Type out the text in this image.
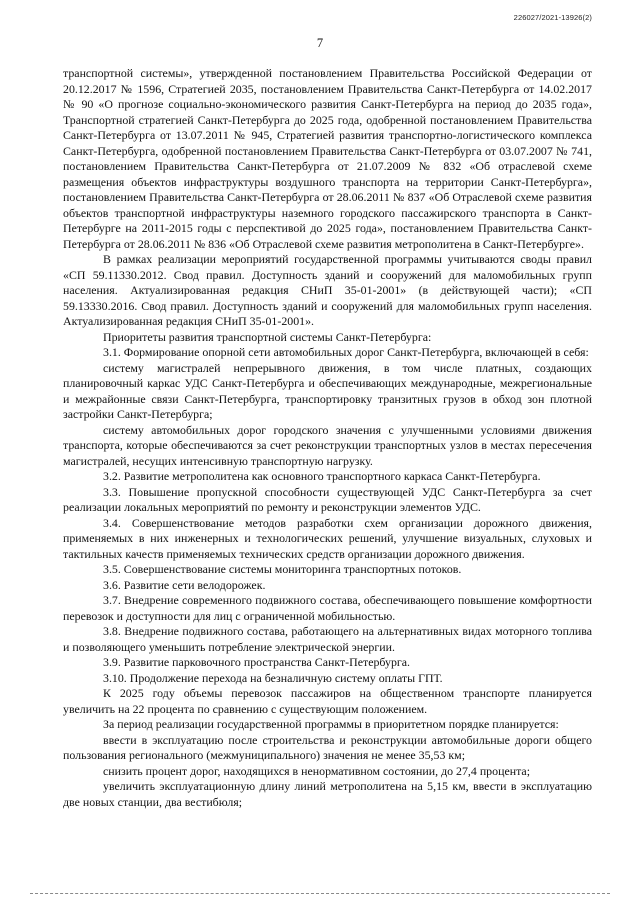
226027/2021-13926(2)
7

транспортной системы», утвержденной постановлением Правительства Российской Федерации от 20.12.2017 № 1596, Стратегией 2035, постановлением Правительства Санкт-Петербурга от 14.02.2017 № 90 «О прогнозе социально-экономического развития Санкт-Петербурга на период до 2035 года», Транспортной стратегией Санкт-Петербурга до 2025 года, одобренной постановлением Правительства Санкт-Петербурга от 13.07.2011 № 945, Стратегией развития транспортно-логистического комплекса Санкт-Петербурга, одобренной постановлением Правительства Санкт-Петербурга от 03.07.2007 № 741, постановлением Правительства Санкт-Петербурга от 21.07.2009 № 832 «Об отраслевой схеме размещения объектов инфраструктуры воздушного транспорта на территории Санкт-Петербурга», постановлением Правительства Санкт-Петербурга от 28.06.2011 № 837 «Об Отраслевой схеме развития объектов транспортной инфраструктуры наземного городского пассажирского транспорта в Санкт-Петербурге на 2011-2015 годы с перспективой до 2025 года», постановлением Правительства Санкт-Петербурга от 28.06.2011 № 836 «Об Отраслевой схеме развития метрополитена в Санкт-Петербурге».

В рамках реализации мероприятий государственной программы учитываются своды правил «СП 59.11330.2012. Свод правил. Доступность зданий и сооружений для маломобильных групп населения. Актуализированная редакция СНиП 35-01-2001» (в действующей части); «СП 59.13330.2016. Свод правил. Доступность зданий и сооружений для маломобильных групп населения. Актуализированная редакция СНиП 35-01-2001».

Приоритеты развития транспортной системы Санкт-Петербурга:

3.1. Формирование опорной сети автомобильных дорог Санкт-Петербурга, включающей в себя:

систему магистралей непрерывного движения, в том числе платных, создающих планировочный каркас УДС Санкт-Петербурга и обеспечивающих международные, межрегиональные и межрайонные связи Санкт-Петербурга, транспортировку транзитных грузов в обход зон плотной застройки Санкт-Петербурга;

систему автомобильных дорог городского значения с улучшенными условиями движения транспорта, которые обеспечиваются за счет реконструкции транспортных узлов в местах пересечения магистралей, несущих интенсивную транспортную нагрузку.

3.2. Развитие метрополитена как основного транспортного каркаса Санкт-Петербурга.

3.3. Повышение пропускной способности существующей УДС Санкт-Петербурга за счет реализации локальных мероприятий по ремонту и реконструкции элементов УДС.

3.4. Совершенствование методов разработки схем организации дорожного движения, применяемых в них инженерных и технологических решений, улучшение визуальных, слуховых и тактильных качеств применяемых технических средств организации дорожного движения.

3.5. Совершенствование системы мониторинга транспортных потоков.

3.6. Развитие сети велодорожек.

3.7. Внедрение современного подвижного состава, обеспечивающего повышение комфортности перевозок и доступности для лиц с ограниченной мобильностью.

3.8. Внедрение подвижного состава, работающего на альтернативных видах моторного топлива и позволяющего уменьшить потребление электрической энергии.

3.9. Развитие парковочного пространства Санкт-Петербурга.

3.10. Продолжение перехода на безналичную систему оплаты ГПТ.

К 2025 году объемы перевозок пассажиров на общественном транспорте планируется увеличить на 22 процента по сравнению с существующим положением.

За период реализации государственной программы в приоритетном порядке планируется:

ввести в эксплуатацию после строительства и реконструкции автомобильные дороги общего пользования регионального (межмуниципального) значения не менее 35,53 км;

снизить процент дорог, находящихся в ненормативном состоянии, до 27,4 процента;

увеличить эксплуатационную длину линий метрополитена на 5,15 км, ввести в эксплуатацию две новых станции, два вестибюля;
